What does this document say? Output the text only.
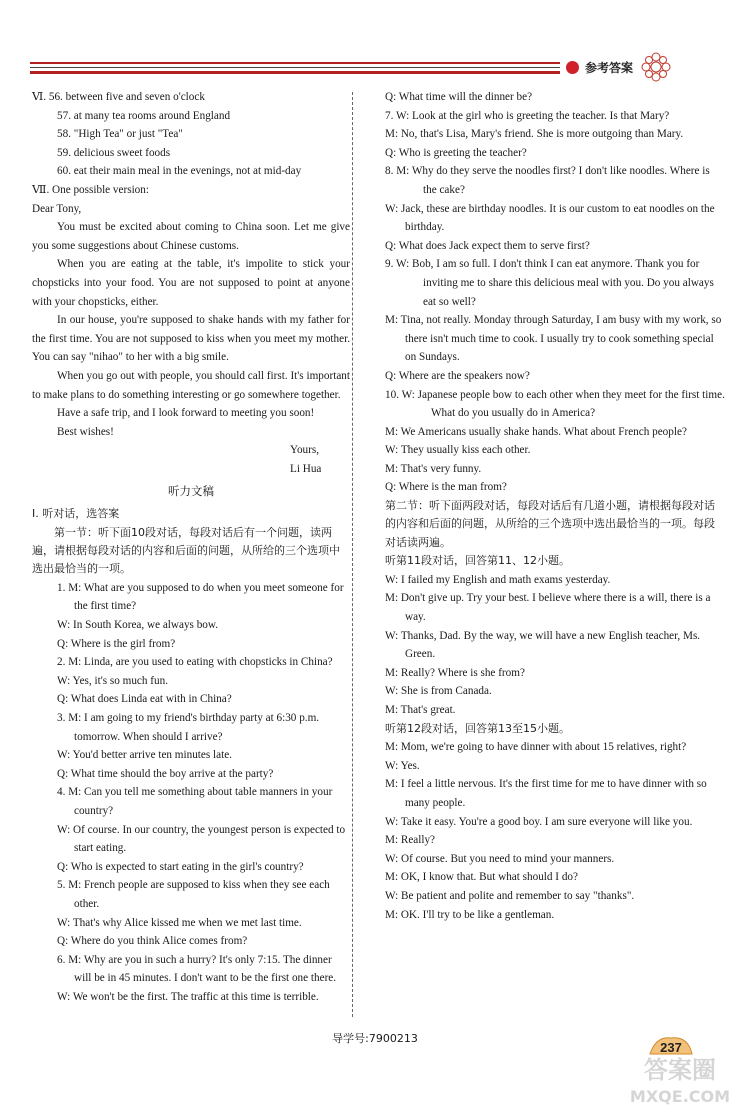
参考答案
Ⅵ. 56. between five and seven o'clock
57. at many tea rooms around England
58. "High Tea" or just "Tea"
59. delicious sweet foods
60. eat their main meal in the evenings, not at mid-day
Ⅶ. One possible version:
Dear Tony,
You must be excited about coming to China soon. Let me give you some suggestions about Chinese customs.
When you are eating at the table, it's impolite to stick your chopsticks into your food. You are not supposed to point at anyone with your chopsticks, either.
In our house, you're supposed to shake hands with my father for the first time. You are not supposed to kiss when you meet my mother. You can say "nihao" to her with a big smile.
When you go out with people, you should call first. It's important to make plans to do something interesting or go somewhere together.
Have a safe trip, and I look forward to meeting you soon!
Best wishes!
Yours,
Li Hua
听力文稿
Ⅰ. 听对话，选答案
第一节：听下面10段对话，每段对话后有一个问题，读两遍，请根据每段对话的内容和后面的问题，从所给的三个选项中选出最恰当的一项。
1. M: What are you supposed to do when you meet someone for the first time?
W: In South Korea, we always bow.
Q: Where is the girl from?
2. M: Linda, are you used to eating with chopsticks in China?
W: Yes, it's so much fun.
Q: What does Linda eat with in China?
3. M: I am going to my friend's birthday party at 6:30 p.m. tomorrow. When should I arrive?
W: You'd better arrive ten minutes late.
Q: What time should the boy arrive at the party?
4. M: Can you tell me something about table manners in your country?
W: Of course. In our country, the youngest person is expected to start eating.
Q: Who is expected to start eating in the girl's country?
5. M: French people are supposed to kiss when they see each other.
W: That's why Alice kissed me when we met last time.
Q: Where do you think Alice comes from?
6. M: Why are you in such a hurry? It's only 7:15. The dinner will be in 45 minutes. I don't want to be the first one there.
W: We won't be the first. The traffic at this time is terrible.
Q: What time will the dinner be?
7. W: Look at the girl who is greeting the teacher. Is that Mary?
M: No, that's Lisa, Mary's friend. She is more outgoing than Mary.
Q: Who is greeting the teacher?
8. M: Why do they serve the noodles first? I don't like noodles. Where is the cake?
W: Jack, these are birthday noodles. It is our custom to eat noodles on the birthday.
Q: What does Jack expect them to serve first?
9. W: Bob, I am so full. I don't think I can eat anymore. Thank you for inviting me to share this delicious meal with you. Do you always eat so well?
M: Tina, not really. Monday through Saturday, I am busy with my work, so there isn't much time to cook. I usually try to cook something special on Sundays.
Q: Where are the speakers now?
10. W: Japanese people bow to each other when they meet for the first time. What do you usually do in America?
M: We Americans usually shake hands. What about French people?
W: They usually kiss each other.
M: That's very funny.
Q: Where is the man from?
第二节：听下面两段对话，每段对话后有几道小题，请根据每段对话的内容和后面的问题，从所给的三个选项中选出最恰当的一项。每段对话读两遍。
听第11段对话，回答第11、12小题。
W: I failed my English and math exams yesterday.
M: Don't give up. Try your best. I believe where there is a will, there is a way.
W: Thanks, Dad. By the way, we will have a new English teacher, Ms. Green.
M: Really? Where is she from?
W: She is from Canada.
M: That's great.
听第12段对话，回答第13至15小题。
M: Mom, we're going to have dinner with about 15 relatives, right?
W: Yes.
M: I feel a little nervous. It's the first time for me to have dinner with so many people.
W: Take it easy. You're a good boy. I am sure everyone will like you.
M: Really?
W: Of course. But you need to mind your manners.
M: OK, I know that. But what should I do?
W: Be patient and polite and remember to say "thanks".
M: OK. I'll try to be like a gentleman.
导学号:7900213
237
答案圈
MXQE.COM
